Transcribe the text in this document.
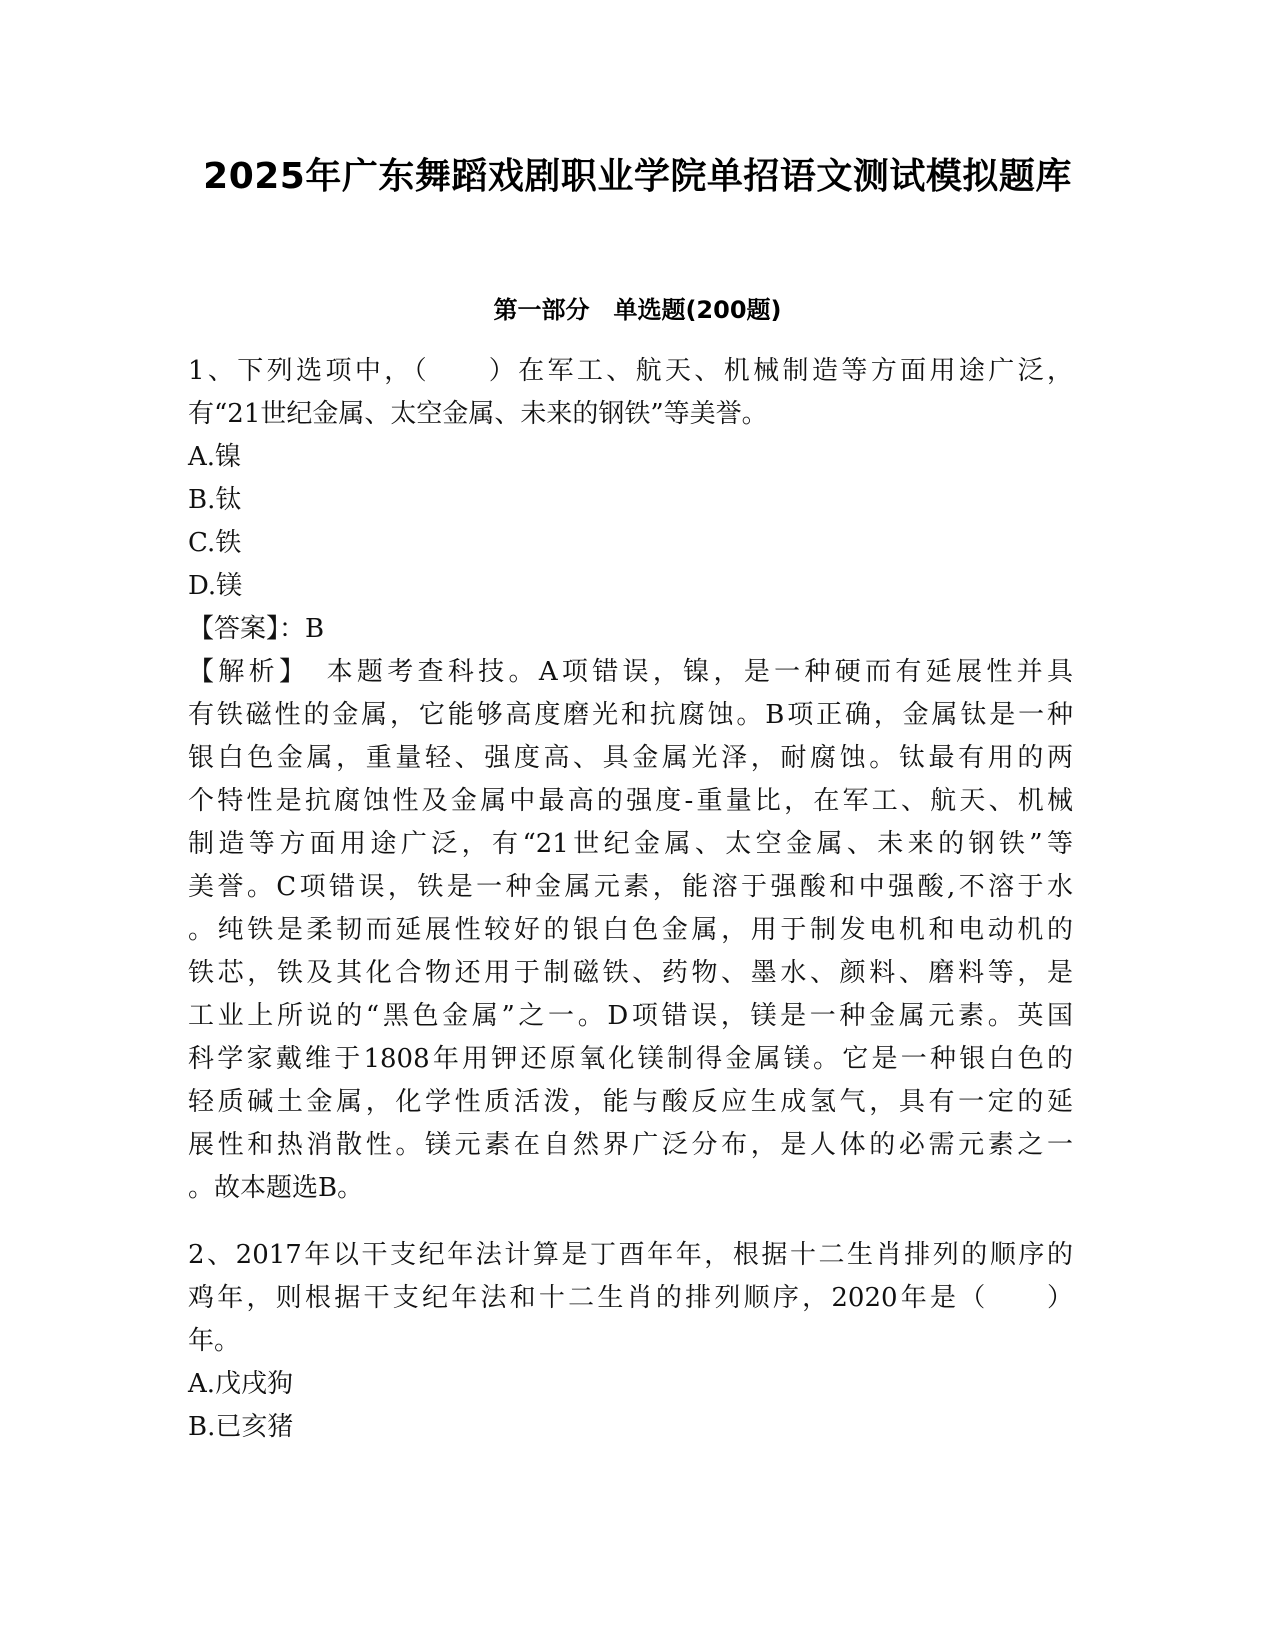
2025年广东舞蹈戏剧职业学院单招语文测试模拟题库
第一部分　单选题(200题)
1、下列选项中，（　　）在军工、航天、机械制造等方面用途广泛，
有“21世纪金属、太空金属、未来的钢铁”等美誉。
A.镍
B.钛
C.铁
D.镁
【答案】：B
【解析】　本题考查科技。A项错误，镍，是一种硬而有延展性并具
有铁磁性的金属，它能够高度磨光和抗腐蚀。B项正确，金属钛是一种
银白色金属，重量轻、强度高、具金属光泽，耐腐蚀。钛最有用的两
个特性是抗腐蚀性及金属中最高的强度-重量比，在军工、航天、机械
制造等方面用途广泛，有“21世纪金属、太空金属、未来的钢铁”等
美誉。C项错误，铁是一种金属元素，能溶于强酸和中强酸,不溶于水
。纯铁是柔韧而延展性较好的银白色金属，用于制发电机和电动机的
铁芯，铁及其化合物还用于制磁铁、药物、墨水、颜料、磨料等，是
工业上所说的“黑色金属”之一。D项错误，镁是一种金属元素。英国
科学家戴维于1808年用钾还原氧化镁制得金属镁。它是一种银白色的
轻质碱土金属，化学性质活泼，能与酸反应生成氢气，具有一定的延
展性和热消散性。镁元素在自然界广泛分布，是人体的必需元素之一
。故本题选B。
2、2017年以干支纪年法计算是丁酉年年，根据十二生肖排列的顺序的
鸡年，则根据干支纪年法和十二生肖的排列顺序，2020年是（　　）
年。
A.戊戌狗
B.已亥猪
